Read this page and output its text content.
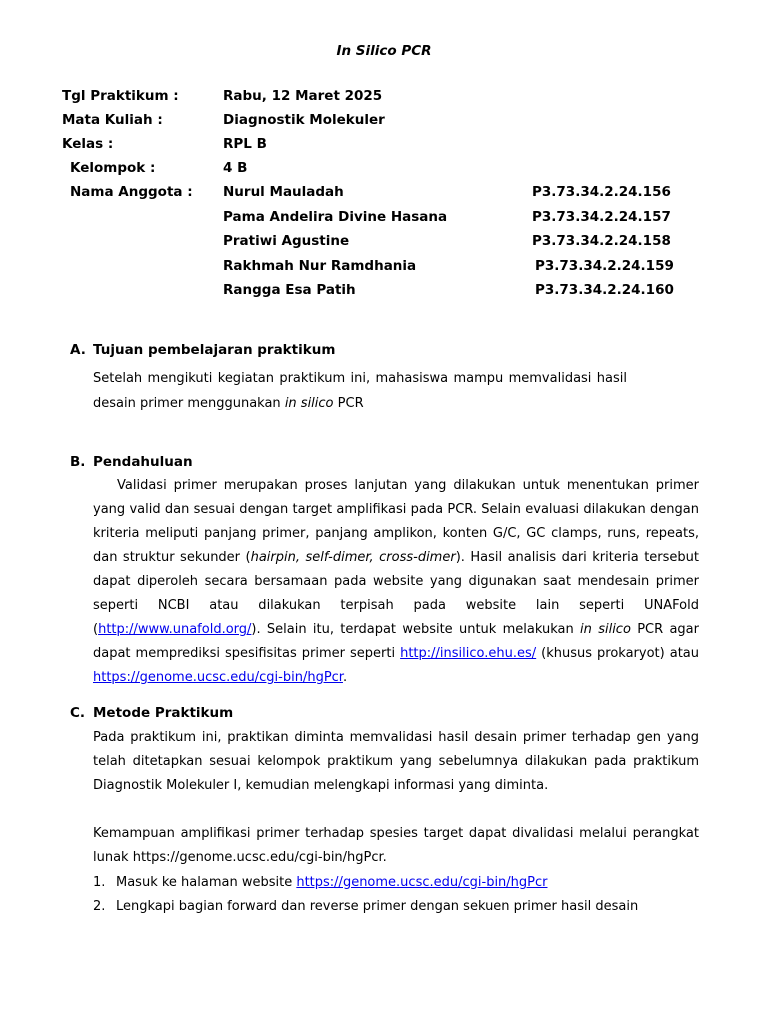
In Silico PCR
Tgl Praktikum :	Rabu, 12 Maret 2025
Mata Kuliah :	Diagnostik Molekuler
Kelas :	RPL B
Kelompok :	4 B
Nama Anggota : Nurul Mauladah	P3.73.34.2.24.156
Pama Andelira Divine Hasana	P3.73.34.2.24.157
Pratiwi Agustine	P3.73.34.2.24.158
Rakhmah Nur Ramdhania	P3.73.34.2.24.159
Rangga Esa Patih	P3.73.34.2.24.160
A. Tujuan pembelajaran praktikum
Setelah mengikuti kegiatan praktikum ini, mahasiswa mampu memvalidasi hasil
desain primer menggunakan in silico PCR
B. Pendahuluan
Validasi primer merupakan proses lanjutan yang dilakukan untuk menentukan primer yang valid dan sesuai dengan target amplifikasi pada PCR. Selain evaluasi dilakukan dengan kriteria meliputi panjang primer, panjang amplikon, konten G/C, GC clamps, runs, repeats, dan struktur sekunder (hairpin, self-dimer, cross-dimer). Hasil analisis dari kriteria tersebut dapat diperoleh secara bersamaan pada website yang digunakan saat mendesain primer seperti NCBI atau dilakukan terpisah pada website lain seperti UNAFold (http://www.unafold.org/). Selain itu, terdapat website untuk melakukan in silico PCR agar dapat memprediksi spesifisitas primer seperti http://insilico.ehu.es/ (khusus prokaryot) atau https://genome.ucsc.edu/cgi-bin/hgPcr.
C. Metode Praktikum
Pada praktikum ini, praktikan diminta memvalidasi hasil desain primer terhadap gen yang telah ditetapkan sesuai kelompok praktikum yang sebelumnya dilakukan pada praktikum Diagnostik Molekuler I, kemudian melengkapi informasi yang diminta.
Kemampuan amplifikasi primer terhadap spesies target dapat divalidasi melalui perangkat lunak https://genome.ucsc.edu/cgi-bin/hgPcr.
1. Masuk ke halaman website https://genome.ucsc.edu/cgi-bin/hgPcr
2. Lengkapi bagian forward dan reverse primer dengan sekuen primer hasil desain
